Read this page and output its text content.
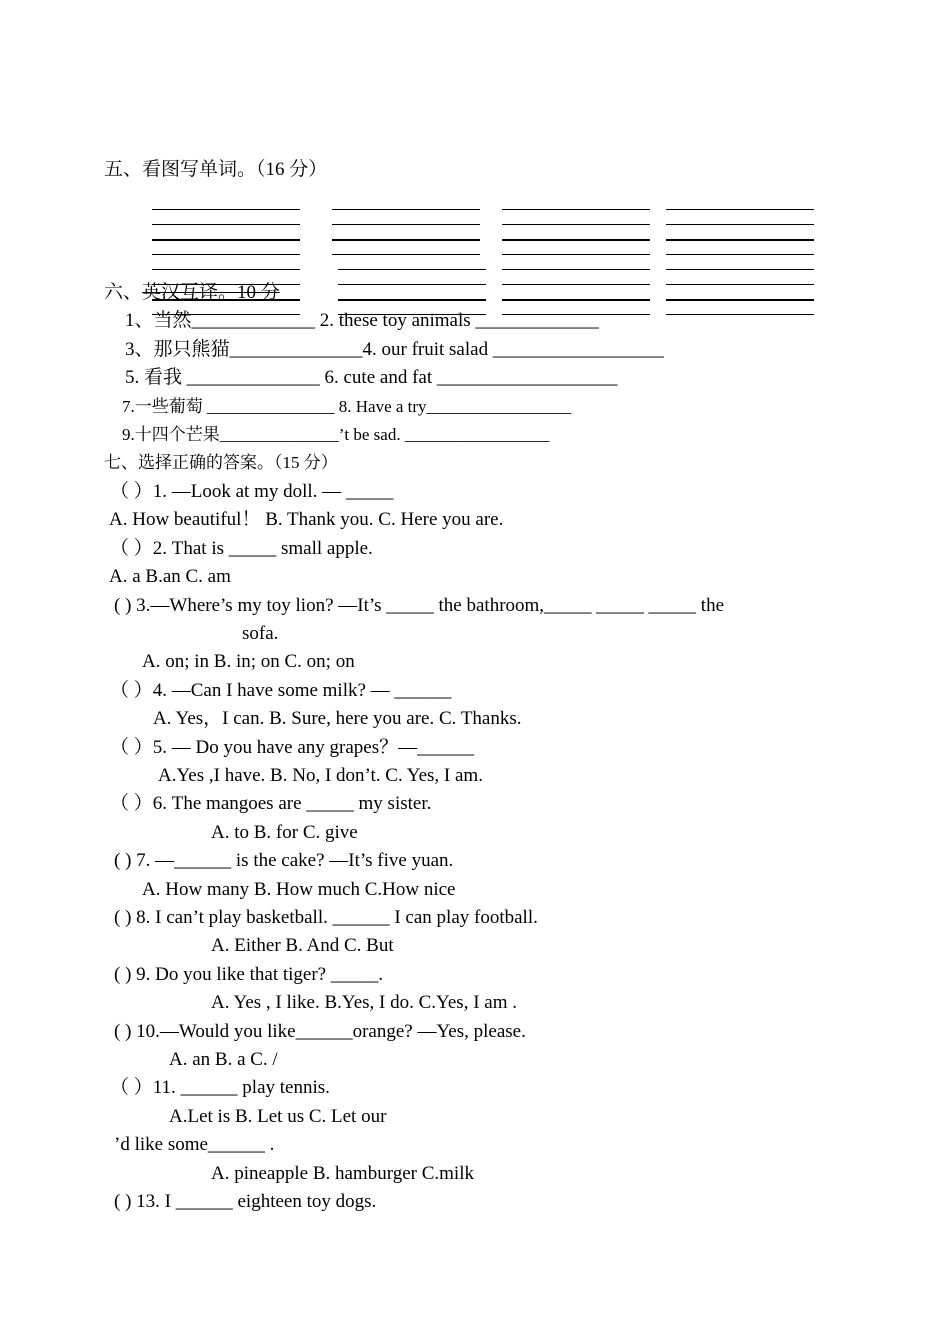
五、看图写单词。（16 分）
六、英汉互译。10 分
1、当然_____________ 2. these toy animals _____________
3、那只熊猫______________4. our fruit salad __________________
5. 看我 ______________ 6. cute and fat ___________________
7.一些葡萄 _______________ 8. Have a try_________________
9.十四个芒果______________’t be sad. _________________
七、选择正确的答案。（15 分）
（ ）1. —Look at my doll. — _____
A. How beautiful！ B. Thank you. C. Here you are.
（ ）2. That is _____ small apple.
A. a B.an C. am
( ) 3.—Where’s my toy lion? —It’s _____ the bathroom,_____ _____ _____ the
sofa.
A. on; in B. in; on C. on; on
（ ）4. —Can I have some milk? — ______
A. Yes，I can. B. Sure, here you are. C. Thanks.
（ ）5. — Do you have any grapes？—______
A.Yes ,I have. B. No, I don’t. C. Yes, I am.
（ ）6. The mangoes are _____ my sister.
A. to B. for C. give
( ) 7. —______ is the cake? —It’s five yuan.
A. How many B. How much C.How nice
( ) 8. I can’t play basketball. ______ I can play football.
A. Either B. And C. But
( ) 9. Do you like that tiger? _____.
A. Yes , I like. B.Yes, I do. C.Yes, I am .
( ) 10.—Would you like______orange? —Yes, please.
A. an B. a C. /
（ ）11. ______ play tennis.
A.Let is B. Let us C. Let our
’d like some______ .
A. pineapple B. hamburger C.milk
( ) 13. I ______ eighteen toy dogs.
